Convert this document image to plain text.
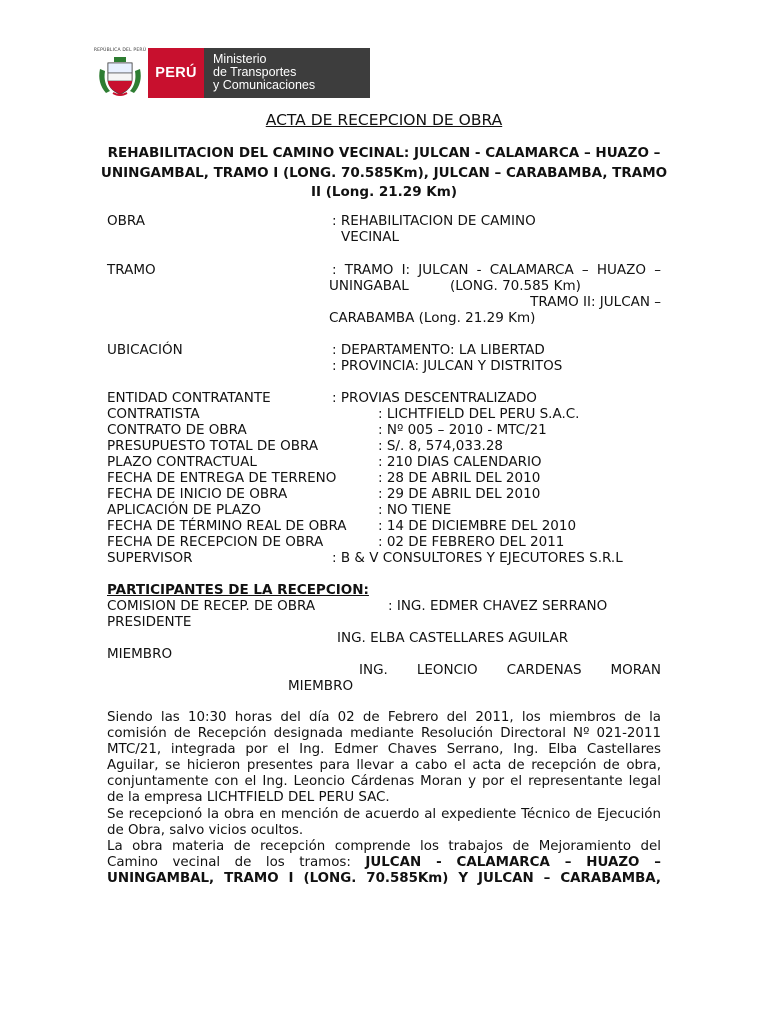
REPÚBLICA DEL PERÚ
PERÚ
Ministerio
de Transportes
y Comunicaciones
ACTA DE RECEPCION DE OBRA
REHABILITACION DEL CAMINO VECINAL: JULCAN - CALAMARCA – HUAZO – UNINGAMBAL, TRAMO I (LONG. 70.585Km), JULCAN – CARABAMBA, TRAMO II (Long. 21.29 Km)
OBRA	: REHABILITACION DE CAMINO
VECINAL
TRAMO	: TRAMO I: JULCAN - CALAMARCA – HUAZO –
UNINGABAL	(LONG. 70.585 Km)
TRAMO II: JULCAN –
CARABAMBA (Long. 21.29 Km)
UBICACIÓN	: DEPARTAMENTO: LA LIBERTAD
: PROVINCIA: JULCAN Y DISTRITOS
ENTIDAD CONTRATANTE	: PROVIAS DESCENTRALIZADO
CONTRATISTA	: LICHTFIELD DEL PERU S.A.C.
CONTRATO DE OBRA	: Nº 005 – 2010 - MTC/21
PRESUPUESTO TOTAL DE OBRA	: S/. 8, 574,033.28
PLAZO CONTRACTUAL	: 210 DIAS CALENDARIO
FECHA DE ENTREGA DE TERRENO	: 28 DE ABRIL DEL 2010
FECHA DE INICIO DE OBRA	: 29 DE ABRIL DEL 2010
APLICACIÓN DE PLAZO	: NO TIENE
FECHA DE TÉRMINO REAL DE OBRA : 14 DE DICIEMBRE DEL 2010
FECHA DE RECEPCION DE OBRA	: 02 DE FEBRERO DEL 2011
SUPERVISOR	: B & V CONSULTORES Y EJECUTORES S.R.L
PARTICIPANTES DE LA RECEPCION:
COMISION DE RECEP. DE OBRA	: ING. EDMER CHAVEZ SERRANO
PRESIDENTE
ING. ELBA CASTELLARES AGUILAR
MIEMBRO
ING. LEONCIO CARDENAS MORAN
MIEMBRO

Siendo las 10:30 horas del día 02 de Febrero del 2011, los miembros de la comisión de Recepción designada mediante Resolución Directoral Nº 021-2011 MTC/21, integrada por el Ing. Edmer Chaves Serrano, Ing. Elba Castellares Aguilar, se hicieron presentes para llevar a cabo el acta de recepción de obra, conjuntamente con el Ing. Leoncio Cárdenas Moran y por el representante legal de la empresa LICHTFIELD DEL PERU SAC.

Se recepcionó la obra en mención de acuerdo al expediente Técnico de Ejecución de Obra, salvo vicios ocultos.

La obra materia de recepción comprende los trabajos de Mejoramiento del Camino vecinal de los tramos: JULCAN - CALAMARCA – HUAZO – UNINGAMBAL, TRAMO I (LONG. 70.585Km) Y JULCAN – CARABAMBA,
